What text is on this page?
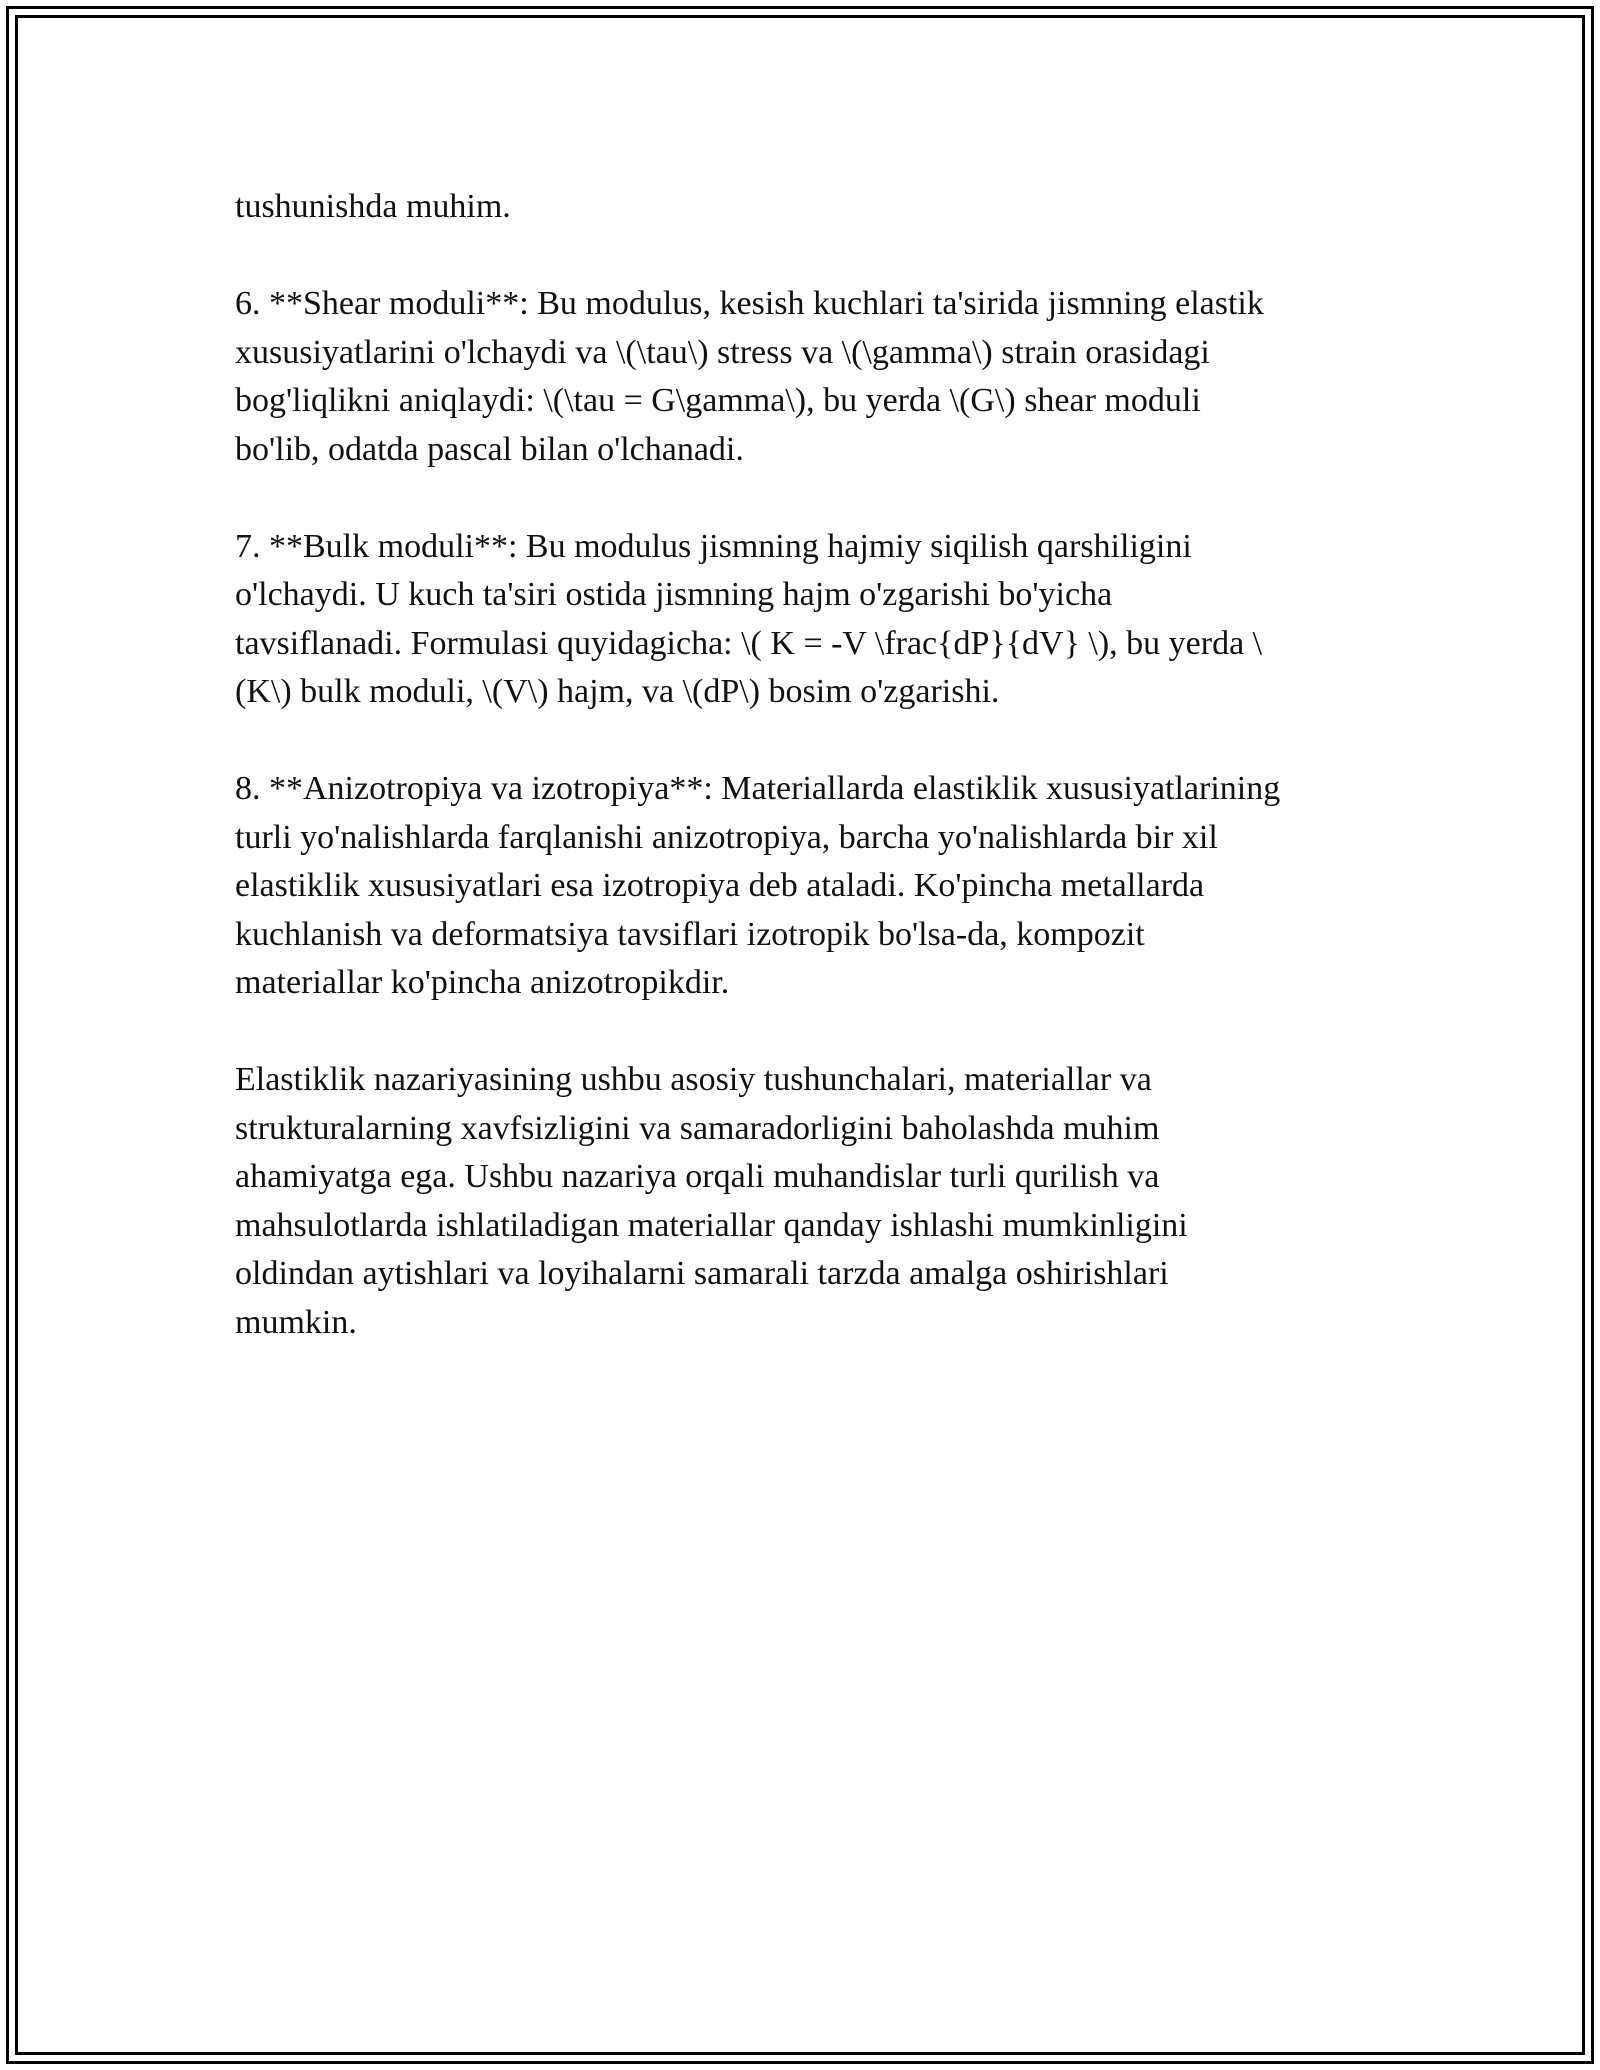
tushunishda muhim.

6. **Shear moduli**: Bu modulus, kesish kuchlari ta'sirida jismning elastik
xususiyatlarini o'lchaydi va \(\tau\) stress va \(\gamma\) strain orasidagi
bog'liqlikni aniqlaydi: \(\tau = G\gamma\), bu yerda \(G\) shear moduli
bo'lib, odatda pascal bilan o'lchanadi.

7. **Bulk moduli**: Bu modulus jismning hajmiy siqilish qarshiligini
o'lchaydi. U kuch ta'siri ostida jismning hajm o'zgarishi bo'yicha
tavsiflanadi. Formulasi quyidagicha: \( K = -V \frac{dP}{dV} \), bu yerda \
(K\) bulk moduli, \(V\) hajm, va \(dP\) bosim o'zgarishi.

8. **Anizotropiya va izotropiya**: Materiallarda elastiklik xususiyatlarining
turli yo'nalishlarda farqlanishi anizotropiya, barcha yo'nalishlarda bir xil
elastiklik xususiyatlari esa izotropiya deb ataladi. Ko'pincha metallarda
kuchlanish va deformatsiya tavsiflari izotropik bo'lsa-da, kompozit
materiallar ko'pincha anizotropikdir.

Elastiklik nazariyasining ushbu asosiy tushunchalari, materiallar va
strukturalarning xavfsizligini va samaradorligini baholashda muhim
ahamiyatga ega. Ushbu nazariya orqali muhandislar turli qurilish va
mahsulotlarda ishlatiladigan materiallar qanday ishlashi mumkinligini
oldindan aytishlari va loyihalarni samarali tarzda amalga oshirishlari
mumkin.
